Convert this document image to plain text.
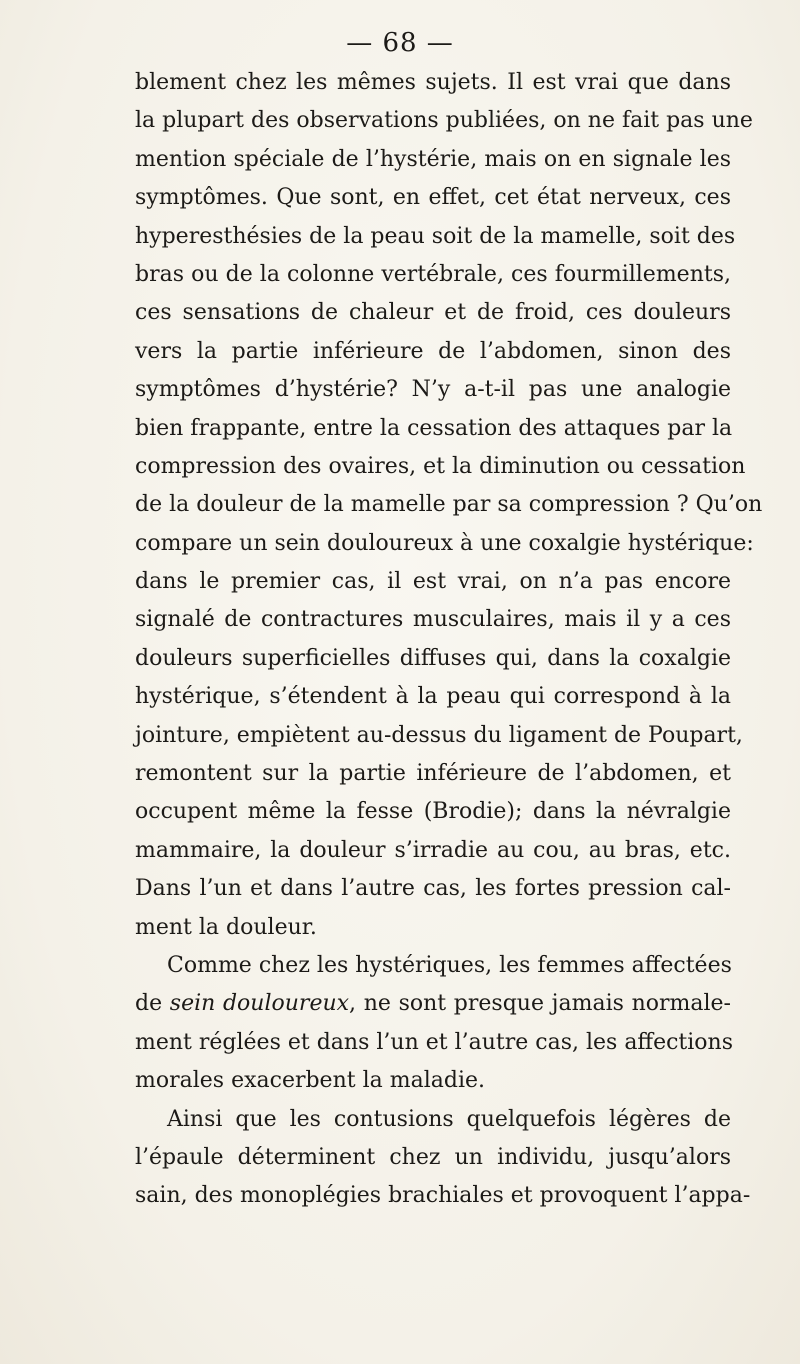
— 68 —
blement chez les mêmes sujets. Il est vrai que dans
la plupart des observations publiées, on ne fait pas une
mention spéciale de l’hystérie, mais on en signale les
symptômes. Que sont, en effet, cet état nerveux, ces
hyperesthésies de la peau soit de la mamelle, soit des
bras ou de la colonne vertébrale, ces fourmillements,
ces sensations de chaleur et de froid, ces douleurs
vers la partie inférieure de l’abdomen, sinon des
symptômes d’hystérie? N’y a-t-il pas une analogie
bien frappante, entre la cessation des attaques par la
compression des ovaires, et la diminution ou cessation
de la douleur de la mamelle par sa compression ? Qu’on
compare un sein douloureux à une coxalgie hystérique:
dans le premier cas, il est vrai, on n’a pas encore
signalé de contractures musculaires, mais il y a ces
douleurs superficielles diffuses qui, dans la coxalgie
hystérique, s’étendent à la peau qui correspond à la
jointure, empiètent au-dessus du ligament de Poupart,
remontent sur la partie inférieure de l’abdomen, et
occupent même la fesse (Brodie); dans la névralgie
mammaire, la douleur s’irradie au cou, au bras, etc.
Dans l’un et dans l’autre cas, les fortes pression cal-
ment la douleur.
Comme chez les hystériques, les femmes affectées
de sein douloureux, ne sont presque jamais normale-
ment réglées et dans l’un et l’autre cas, les affections
morales exacerbent la maladie.
Ainsi que les contusions quelquefois légères de
l’épaule déterminent chez un individu, jusqu’alors
sain, des monoplégies brachiales et provoquent l’appa-
